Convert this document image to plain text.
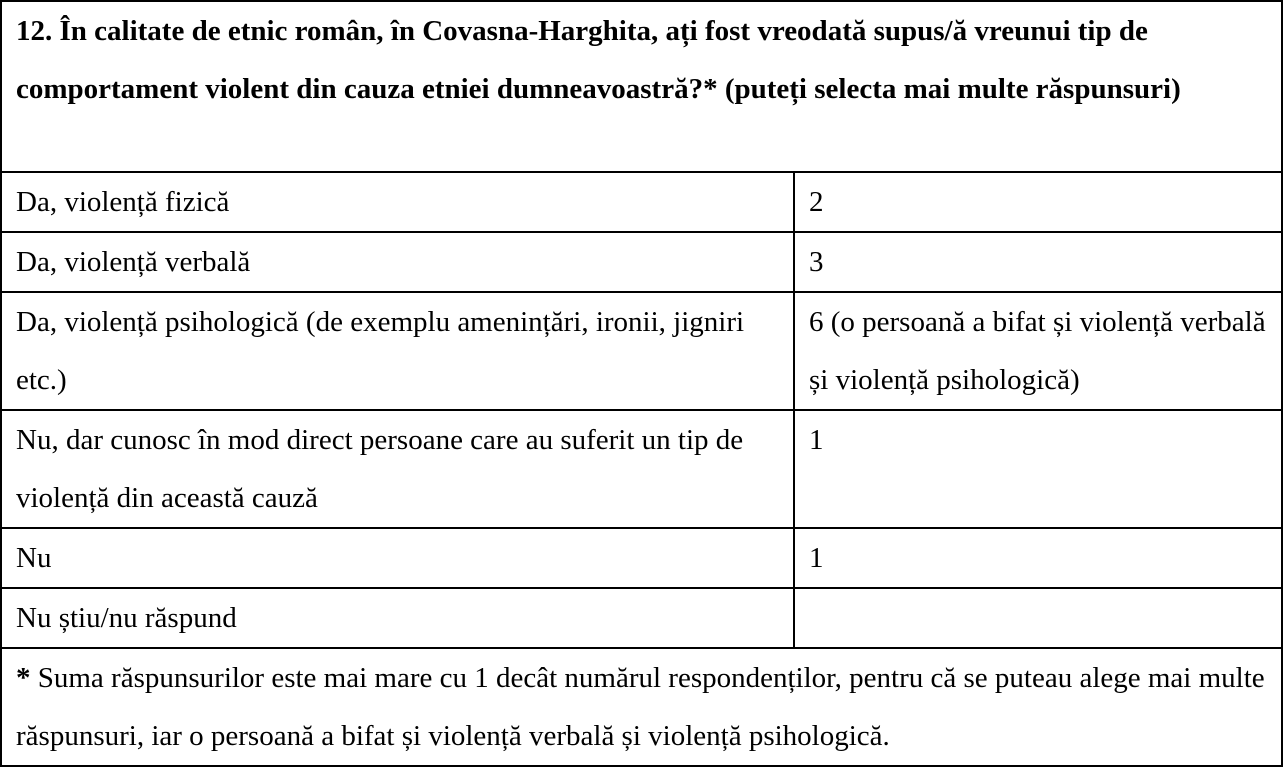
12. În calitate de etnic român, în Covasna-Harghita, ați fost vreodată supus/ă vreunui tip de comportament violent din cauza etniei dumneavoastră?* (puteți selecta mai multe răspunsuri)	
Da, violență fizică	2
Da, violență verbală	3
Da, violență psihologică (de exemplu amenințări, ironii, jigniri etc.)	6 (o persoană a bifat și violență verbală și violență psihologică)
Nu, dar cunosc în mod direct persoane care au suferit un tip de violență din această cauză	1
Nu	1
Nu știu/nu răspund	
* Suma răspunsurilor este mai mare cu 1 decât numărul respondenților, pentru că se puteau alege mai multe răspunsuri, iar o persoană a bifat și violență verbală și violență psihologică.	
